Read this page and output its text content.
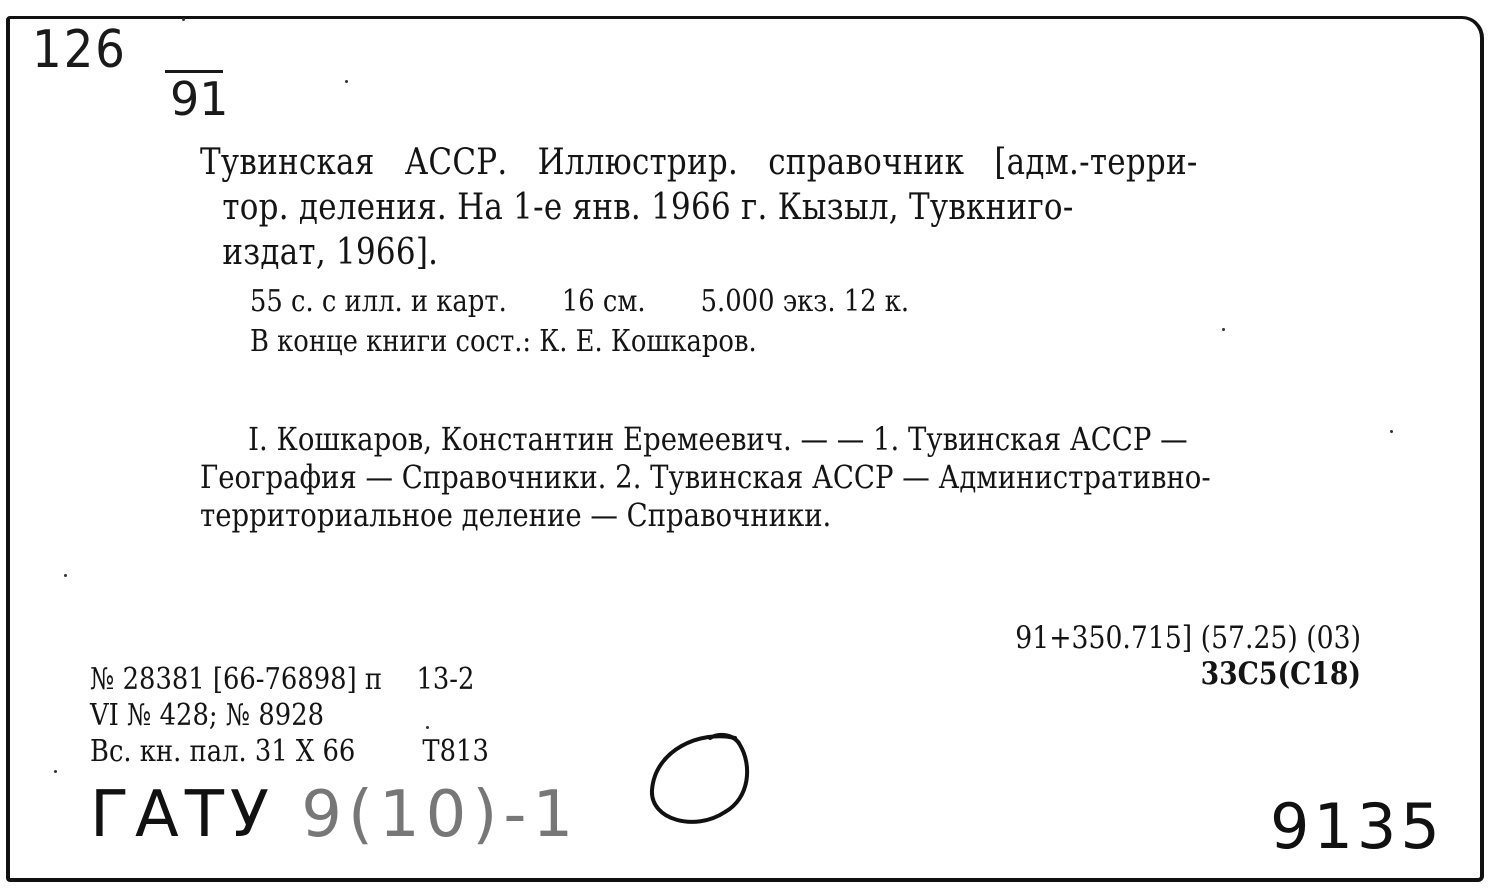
126
91
Тувинская АССР. Иллюстрир. справочник [адм.-терри-
тор. деления. На 1-е янв. 1966 г. Кызыл, Тувкниго-
издат, 1966].
55 с. с илл. и карт. 16 см. 5.000 экз. 12 к.
В конце книги сост.: К. Е. Кошкаров.
I. Кошкаров, Константин Еремеевич. — — 1. Тувинская АССР —
География — Справочники. 2. Тувинская АССР — Административно-
территориальное деление — Справочники.
91+350.715] (57.25) (03)
33С5(С18)
№ 28381 [66-76898] п 13-2
VI № 428; № 8928
Вс. кн. пал. 31 X 66 Т813
ГАТУ 9(10)-1	9135
